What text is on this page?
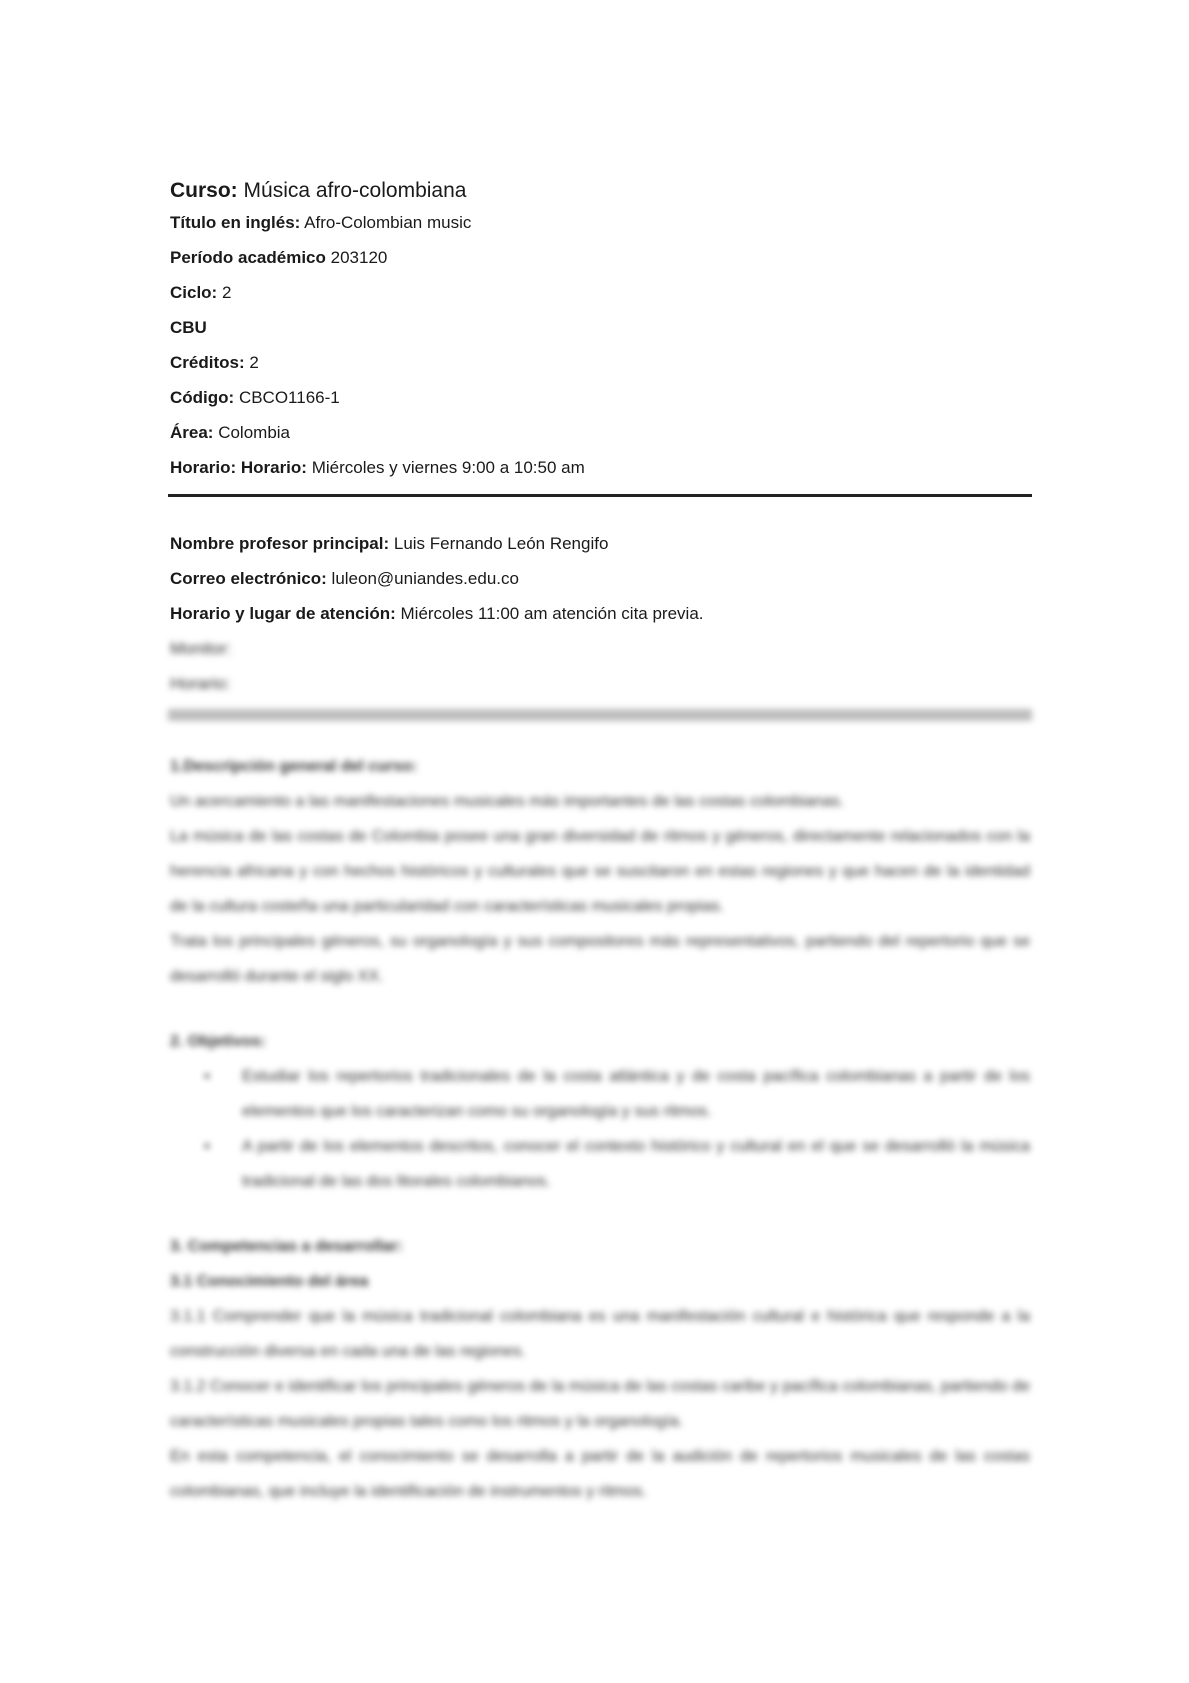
Curso: Música afro-colombiana
Título en inglés: Afro-Colombian music
Período académico 203120
Ciclo: 2
CBU
Créditos: 2
Código: CBCO1166-1
Área: Colombia
Horario: Horario: Miércoles y viernes 9:00 a 10:50 am
Nombre profesor principal: Luis Fernando León Rengifo
Correo electrónico: luleon@uniandes.edu.co
Horario y lugar de atención: Miércoles 11:00 am atención cita previa.
Monitor:
Horario:
1.Descripción general del curso:
Un acercamiento a las manifestaciones musicales más importantes de las costas colombianas.
La música de las costas de Colombia posee una gran diversidad de ritmos y géneros, directamente relacionados con la herencia africana y con hechos históricos y culturales que se suscitaron en estas regiones y que hacen de la identidad de la cultura costeña una particularidad con características musicales propias.
Trata los principales géneros, su organología y sus compositores más representativos, partiendo del repertorio que se desarrolló durante el siglo XX.
2. Objetivos:
▪ Estudiar los repertorios tradicionales de la costa atlántica y de costa pacífica colombianas a partir de los elementos que los caracterizan como su organología y sus ritmos.
▪ A partir de los elementos descritos, conocer el contexto histórico y cultural en el que se desarrolló la música tradicional de las dos litorales colombianos.
3. Competencias a desarrollar:
3.1 Conocimiento del área
3.1.1 Comprender que la música tradicional colombiana es una manifestación cultural e histórica que responde a la construcción diversa en cada una de las regiones.
3.1.2 Conocer e identificar los principales géneros de la música de las costas caribe y pacífica colombianas, partiendo de características musicales propias tales como los ritmos y la organología.
En esta competencia, el conocimiento se desarrolla a partir de la audición de repertorios musicales de las costas colombianas, que incluye la identificación de instrumentos y ritmos.
